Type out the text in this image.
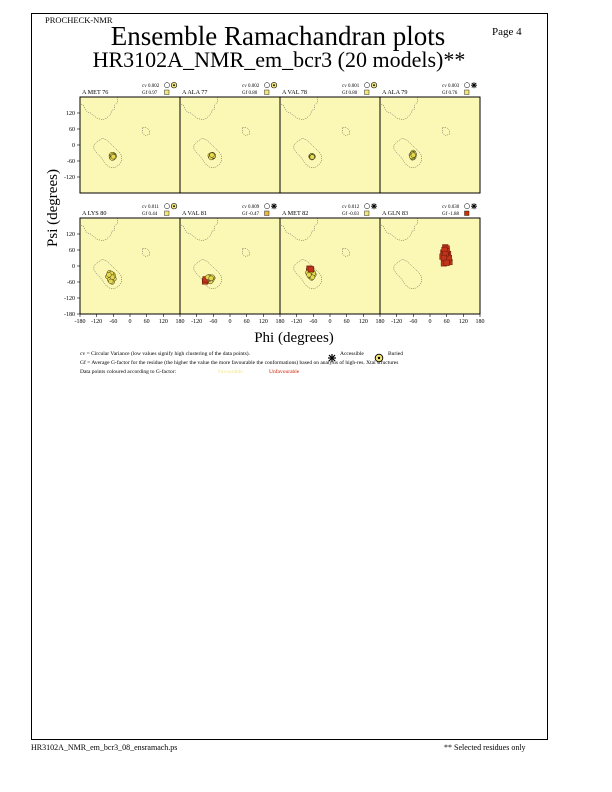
PROCHECK-NMR
Ensemble Ramachandran plots
HR3102A_NMR_em_bcr3 (20 models)**
Page 4
A MET 76
cv 0.002
Gf 0.97	A ALA 77
cv 0.002
Gf 0.80	A VAL 78
cv 0.001
Gf 0.80	A ALA 79
cv 0.003
Gf 0.76
A LYS 80
cv 0.011
Gf 0.44	A VAL 81
cv 0.009
Gf -0.47	A MET 82
cv 0.012
Gf -0.03	A GLN 83
cv 0.030
Gf -1.88
120
60
0
-60
-120
120
60
0
-60
-120
-180
-180 -120 -60 0 60 120 180 -120 -60 0 60 120 180 -120 -60 0 60 120 180 -120 -60 0 60 120 180
Phi (degrees)
Psi (degrees)
cv = Circular Variance (low values signify high clustering of the data points).	Accessible	Buried
Gf = Average G-factor for the residue (the higher the value the more favourable the conformations) based on analysis of high-res. Xtal structures
Data points coloured according to G-factor:	Favourable	Unfavourable
HR3102A_NMR_em_bcr3_08_ensramach.ps	** Selected residues only
